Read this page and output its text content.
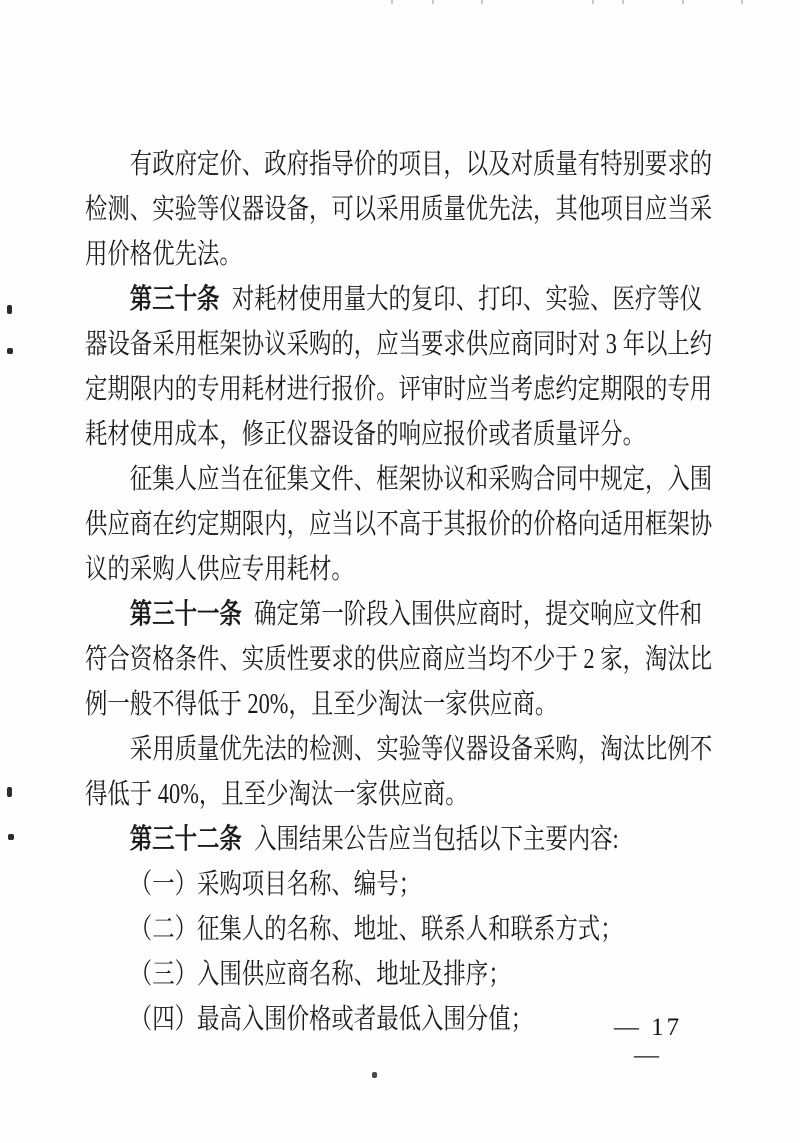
有政府定价、政府指导价的项目，以及对质量有特别要求的
检测、实验等仪器设备，可以采用质量优先法，其他项目应当采
用价格优先法。
第三十条 对耗材使用量大的复印、打印、实验、医疗等仪
器设备采用框架协议采购的，应当要求供应商同时对 3 年以上约
定期限内的专用耗材进行报价。评审时应当考虑约定期限的专用
耗材使用成本，修正仪器设备的响应报价或者质量评分。
征集人应当在征集文件、框架协议和采购合同中规定，入围
供应商在约定期限内，应当以不高于其报价的价格向适用框架协
议的采购人供应专用耗材。
第三十一条 确定第一阶段入围供应商时，提交响应文件和
符合资格条件、实质性要求的供应商应当均不少于 2 家，淘汰比
例一般不得低于 20%，且至少淘汰一家供应商。
采用质量优先法的检测、实验等仪器设备采购，淘汰比例不
得低于 40%，且至少淘汰一家供应商。
第三十二条 入围结果公告应当包括以下主要内容:
（一）采购项目名称、编号；
（二）征集人的名称、地址、联系人和联系方式；
（三）入围供应商名称、地址及排序；
（四）最高入围价格或者最低入围分值；	— 17 —
